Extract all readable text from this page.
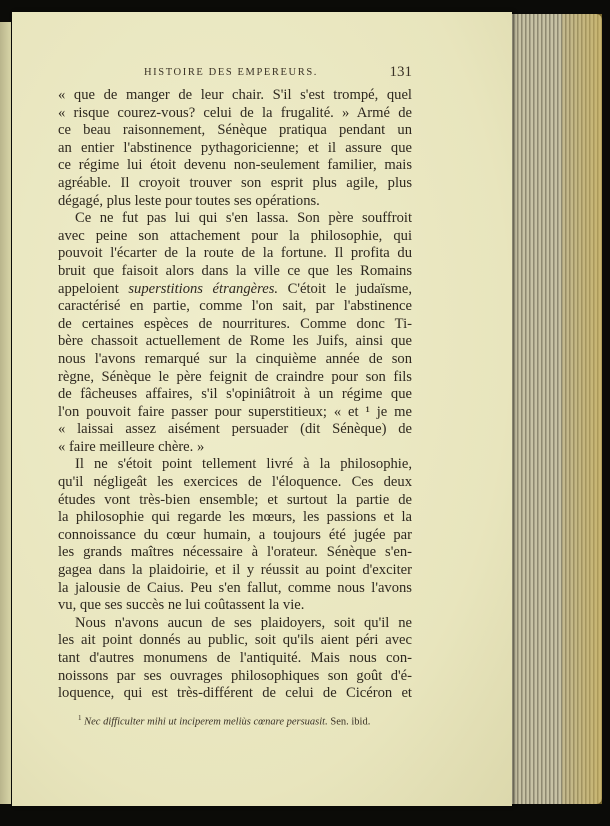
HISTOIRE DES EMPEREURS.	131
« que de manger de leur chair. S'il s'est trompé, quel
« risque courez-vous? celui de la frugalité. » Armé de
ce beau raisonnement, Sénèque pratiqua pendant un
an entier l'abstinence pythagoricienne; et il assure que
ce régime lui étoit devenu non-seulement familier, mais
agréable. Il croyoit trouver son esprit plus agile, plus
dégagé, plus leste pour toutes ses opérations.
Ce ne fut pas lui qui s'en lassa. Son père souffroit
avec peine son attachement pour la philosophie, qui
pouvoit l'écarter de la route de la fortune. Il profita du
bruit que faisoit alors dans la ville ce que les Romains
appeloient superstitions étrangères. C'étoit le judaïsme,
caractérisé en partie, comme l'on sait, par l'abstinence
de certaines espèces de nourritures. Comme donc Ti-
bère chassoit actuellement de Rome les Juifs, ainsi que
nous l'avons remarqué sur la cinquième année de son
règne, Sénèque le père feignit de craindre pour son fils
de fâcheuses affaires, s'il s'opiniâtroit à un régime que
l'on pouvoit faire passer pour superstitieux; « et ¹ je me
« laissai assez aisément persuader (dit Sénèque) de
« faire meilleure chère. »
Il ne s'étoit point tellement livré à la philosophie,
qu'il négligeât les exercices de l'éloquence. Ces deux
études vont très-bien ensemble; et surtout la partie de
la philosophie qui regarde les mœurs, les passions et la
connoissance du cœur humain, a toujours été jugée par
les grands maîtres nécessaire à l'orateur. Sénèque s'en-
gagea dans la plaidoirie, et il y réussit au point d'exciter
la jalousie de Caius. Peu s'en fallut, comme nous l'avons
vu, que ses succès ne lui coûtassent la vie.
Nous n'avons aucun de ses plaidoyers, soit qu'il ne
les ait point donnés au public, soit qu'ils aient péri avec
tant d'autres monumens de l'antiquité. Mais nous con-
noissons par ses ouvrages philosophiques son goût d'é-
loquence, qui est très-différent de celui de Cicéron et
$^1$ Nec difficulter mihi ut inciperem meliùs cœnare persuasit. Sen. ibid.
